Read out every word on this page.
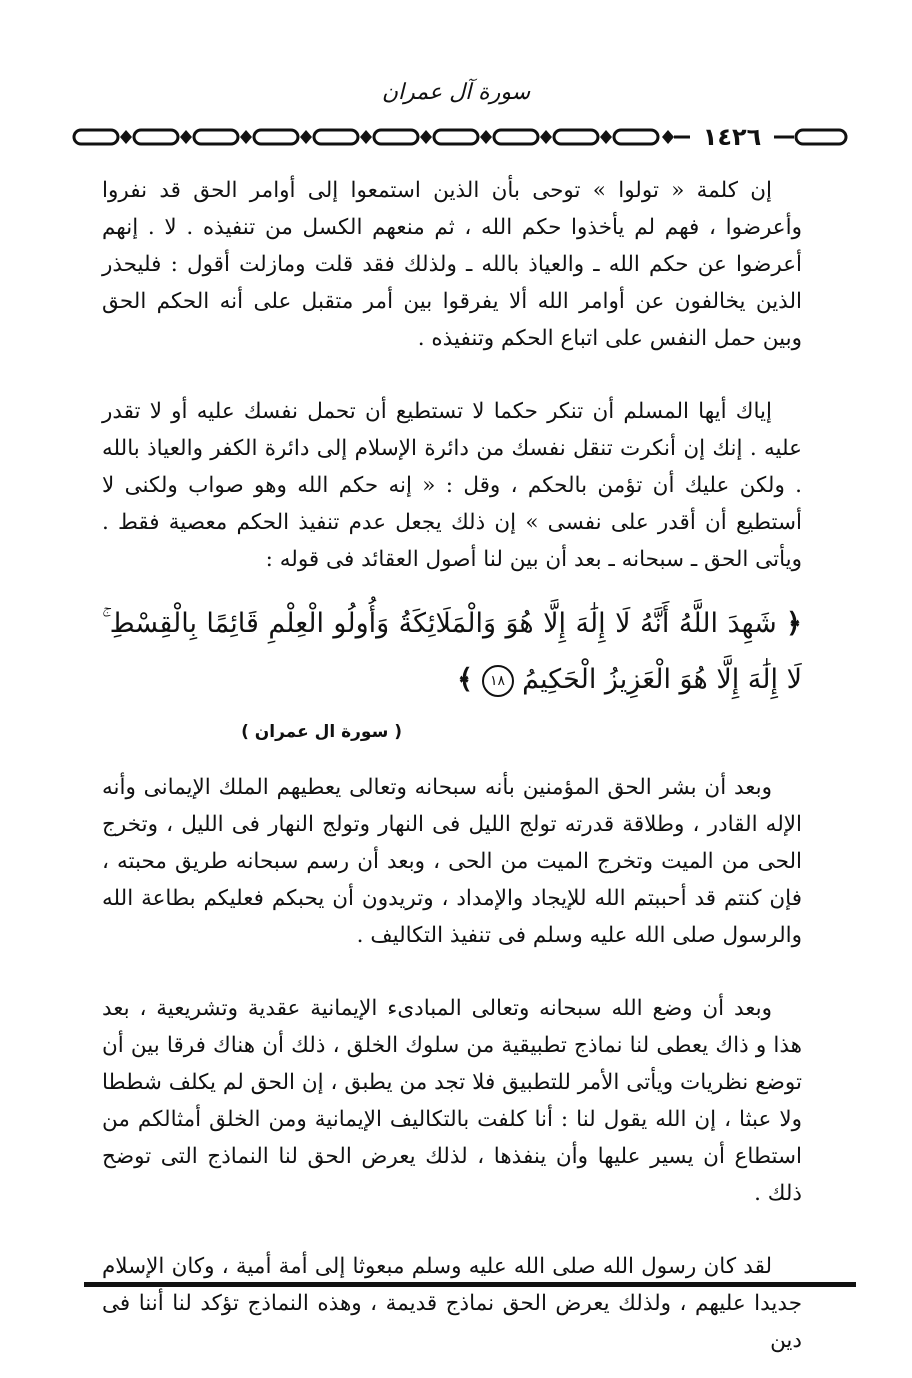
سورة آل عمران
١٤٢٦

إن كلمة « تولوا » توحى بأن الذين استمعوا إلى أوامر الحق قد نفروا وأعرضوا ، فهم لم يأخذوا حكم الله ، ثم منعهم الكسل من تنفيذه . لا . إنهم أعرضوا عن حكم الله ـ والعياذ بالله ـ ولذلك فقد قلت ومازلت أقول : فليحذر الذين يخالفون عن أوامر الله ألا يفرقوا بين أمر متقبل على أنه الحكم الحق وبين حمل النفس على اتباع الحكم وتنفيذه .

إياك أيها المسلم أن تنكر حكما لا تستطيع أن تحمل نفسك عليه أو لا تقدر عليه . إنك إن أنكرت تنقل نفسك من دائرة الإسلام إلى دائرة الكفر والعياذ بالله . ولكن عليك أن تؤمن بالحكم ، وقل : « إنه حكم الله وهو صواب ولكنى لا أستطيع أن أقدر على نفسى » إن ذلك يجعل عدم تنفيذ الحكم معصية فقط . ويأتى الحق ـ سبحانه ـ بعد أن بين لنا أصول العقائد فى قوله :

﴿ شَهِدَ اللَّهُ أَنَّهُ لَا إِلَٰهَ إِلَّا هُوَ وَالْمَلَائِكَةُ وَأُولُو الْعِلْمِ قَائِمًا بِالْقِسْطِ ۚ لَا إِلَٰهَ إِلَّا هُوَ الْعَزِيزُ الْحَكِيمُ ١٨ ﴾

( سورة ال عمران )

وبعد أن بشر الحق المؤمنين بأنه سبحانه وتعالى يعطيهم الملك الإيمانى وأنه الإله القادر ، وطلاقة قدرته تولج الليل فى النهار وتولج النهار فى الليل ، وتخرج الحى من الميت وتخرج الميت من الحى ، وبعد أن رسم سبحانه طريق محبته ، فإن كنتم قد أحببتم الله للإيجاد والإمداد ، وتريدون أن يحبكم فعليكم بطاعة الله والرسول صلى الله عليه وسلم فى تنفيذ التكاليف .

وبعد أن وضع الله سبحانه وتعالى المبادىء الإيمانية عقدية وتشريعية ، بعد هذا و ذاك يعطى لنا نماذج تطبيقية من سلوك الخلق ، ذلك أن هناك فرقا بين أن توضع نظريات ويأتى الأمر للتطبيق فلا تجد من يطبق ، إن الحق لم يكلف شططا ولا عبثا ، إن الله يقول لنا : أنا كلفت بالتكاليف الإيمانية ومن الخلق أمثالكم من استطاع أن يسير عليها وأن ينفذها ، لذلك يعرض الحق لنا النماذج التى توضح ذلك .

لقد كان رسول الله صلى الله عليه وسلم مبعوثا إلى أمة أمية ، وكان الإسلام جديدا عليهم ، ولذلك يعرض الحق نماذج قديمة ، وهذه النماذج تؤكد لنا أننا فى دين
